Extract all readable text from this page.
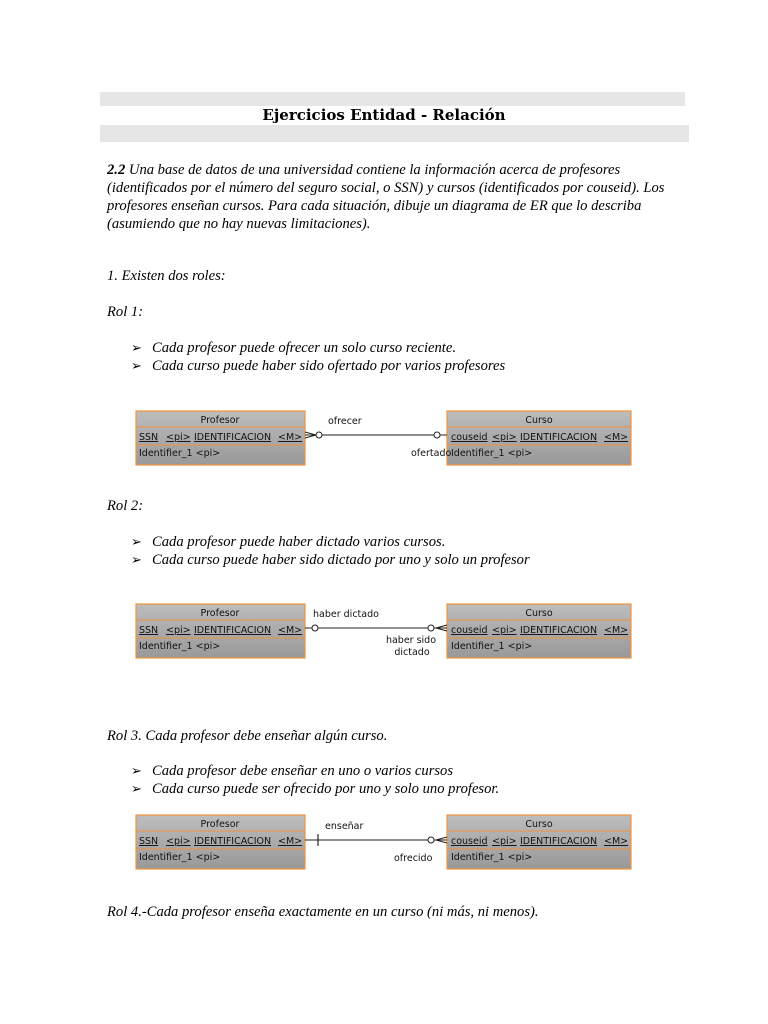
Ejercicios Entidad - Relación
2.2 Una base de datos de una universidad contiene la información acerca de profesores (identificados por el número del seguro social, o SSN) y cursos (identificados por couseid). Los profesores enseñan cursos. Para cada situación, dibuje un diagrama de ER que lo describa (asumiendo que no hay nuevas limitaciones).
1. Existen dos roles:
Rol 1:
➢ Cada profesor puede ofrecer un solo curso reciente.
➢ Cada curso puede haber sido ofertado por varios profesores
Rol 2:
➢ Cada profesor puede haber dictado varios cursos.
➢ Cada curso puede haber sido dictado por uno y solo un profesor
Rol 3. Cada profesor debe enseñar algún curso.
➢ Cada profesor debe enseñar en uno o varios cursos
➢ Cada curso puede ser ofrecido por uno y solo uno profesor.
Rol 4.-Cada profesor enseña exactamente en un curso (ni más, ni menos).
Profesor
SSN <pi> IDENTIFICACION <M>
Identifier_1 <pi>
Curso
couseid <pi> IDENTIFICACION <M>
Identifier_1 <pi>
ofrecer
ofertado
Profesor
SSN <pi> IDENTIFICACION <M>
Identifier_1 <pi>
Curso
couseid <pi> IDENTIFICACION <M>
Identifier_1 <pi>
haber dictado
haber sido
dictado
Profesor
SSN <pi> IDENTIFICACION <M>
Identifier_1 <pi>
Curso
couseid <pi> IDENTIFICACION <M>
Identifier_1 <pi>
enseñar
ofrecido
